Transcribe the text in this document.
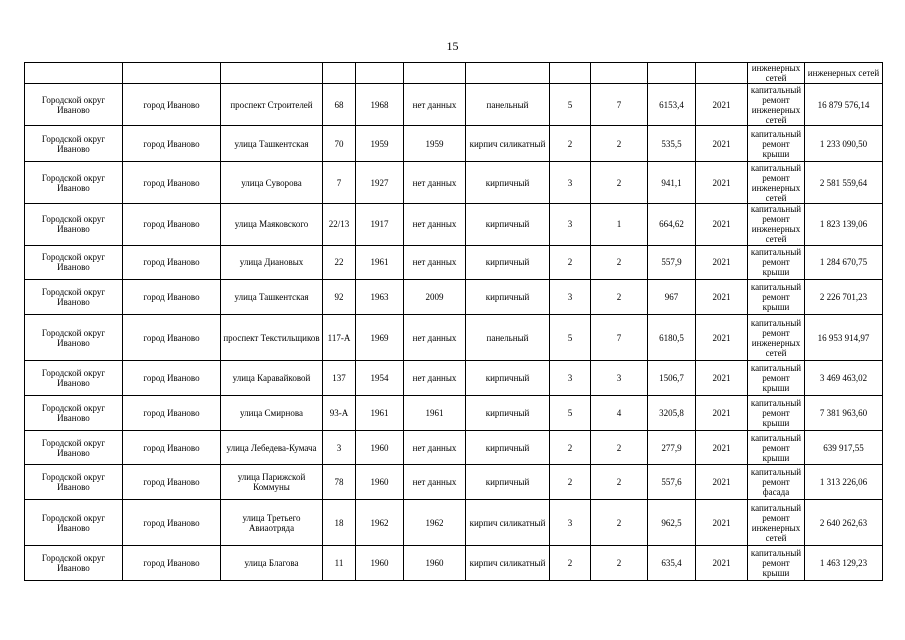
15
											инженерных сетей	инженерных сетей
Городской округ Иваново	город Иваново	проспект Строителей	68	1968	нет данных	панельный	5	7	6153,4	2021	капитальный ремонт инженерных сетей	16 879 576,14
Городской округ Иваново	город Иваново	улица Ташкентская	70	1959	1959	кирпич силикатный	2	2	535,5	2021	капитальный ремонт крыши	1 233 090,50
Городской округ Иваново	город Иваново	улица Суворова	7	1927	нет данных	кирпичный	3	2	941,1	2021	капитальный ремонт инженерных сетей	2 581 559,64
Городской округ Иваново	город Иваново	улица Маяковского	22/13	1917	нет данных	кирпичный	3	1	664,62	2021	капитальный ремонт инженерных сетей	1 823 139,06
Городской округ Иваново	город Иваново	улица Диановых	22	1961	нет данных	кирпичный	2	2	557,9	2021	капитальный ремонт крыши	1 284 670,75
Городской округ Иваново	город Иваново	улица Ташкентская	92	1963	2009	кирпичный	3	2	967	2021	капитальный ремонт крыши	2 226 701,23
Городской округ Иваново	город Иваново	проспект Текстильщиков	117-А	1969	нет данных	панельный	5	7	6180,5	2021	капитальный ремонт инженерных сетей	16 953 914,97
Городской округ Иваново	город Иваново	улица Каравайковой	137	1954	нет данных	кирпичный	3	3	1506,7	2021	капитальный ремонт крыши	3 469 463,02
Городской округ Иваново	город Иваново	улица Смирнова	93-А	1961	1961	кирпичный	5	4	3205,8	2021	капитальный ремонт крыши	7 381 963,60
Городской округ Иваново	город Иваново	улица Лебедева-Кумача	3	1960	нет данных	кирпичный	2	2	277,9	2021	капитальный ремонт крыши	639 917,55
Городской округ Иваново	город Иваново	улица Парижской Коммуны	78	1960	нет данных	кирпичный	2	2	557,6	2021	капитальный ремонт фасада	1 313 226,06
Городской округ Иваново	город Иваново	улица Третьего Авиаотряда	18	1962	1962	кирпич силикатный	3	2	962,5	2021	капитальный ремонт инженерных сетей	2 640 262,63
Городской округ Иваново	город Иваново	улица Благова	11	1960	1960	кирпич силикатный	2	2	635,4	2021	капитальный ремонт крыши	1 463 129,23
